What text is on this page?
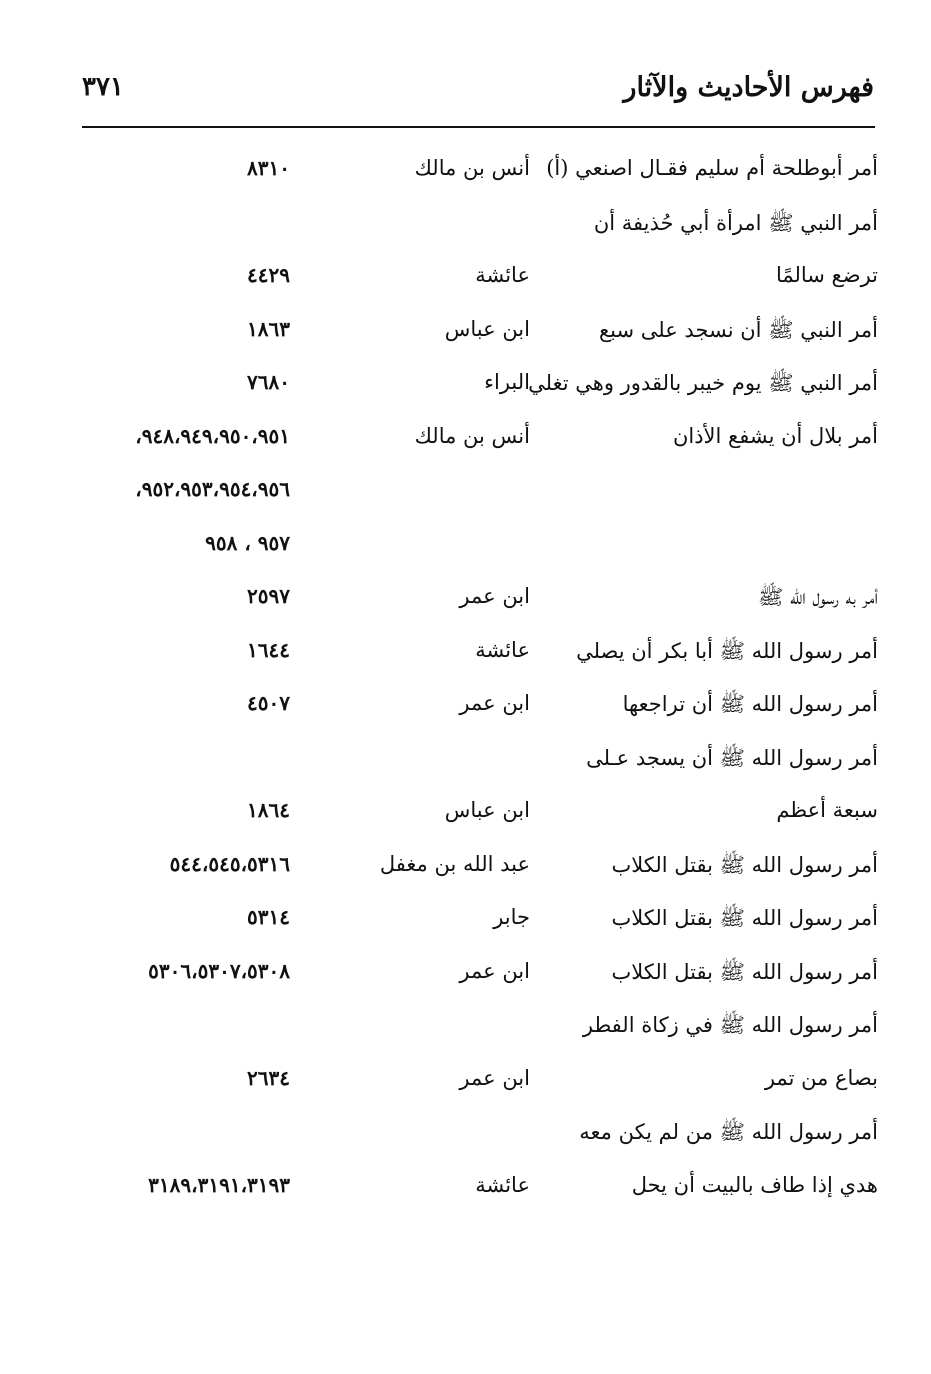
فهرس الأحاديث والآثار
٣٧١
أمر أبوطلحة أم سليم فقـال اصنعي (أ)
أنس بن مالك
٨٣١٠
أمر النبي ﷺ امرأة أبي حُذيفة أن
ترضع سالمًا
عائشة
٤٤٢٩
أمر النبي ﷺ أن نسجد على سبع
ابن عباس
١٨٦٣
أمر النبي ﷺ يوم خيبر بالقدور وهي تغلي
البراء
٧٦٨٠
أمر بلال أن يشفع الأذان
أنس بن مالك
٩٤٨،٩٤٩،٩٥٠،٩٥١،
٩٥٢،٩٥٣،٩٥٤،٩٥٦،
٩٥٧ ، ٩٥٨
أمر به رسول الله ﷺ
ابن عمر
٢٥٩٧
أمر رسول الله ﷺ أبا بكر أن يصلي
عائشة
١٦٤٤
أمر رسول الله ﷺ أن تراجعها
ابن عمر
٤٥٠٧
أمر رسول الله ﷺ أن يسجد عـلى
سبعة أعظم
ابن عباس
١٨٦٤
أمر رسول الله ﷺ بقتل الكلاب
عبد الله بن مغفل
٥٤٤،٥٤٥،٥٣١٦
أمر رسول الله ﷺ بقتل الكلاب
جابر
٥٣١٤
أمر رسول الله ﷺ بقتل الكلاب
ابن عمر
٥٣٠٦،٥٣٠٧،٥٣٠٨
أمر رسول الله ﷺ في زكاة الفطر
بصاع من تمر
ابن عمر
٢٦٣٤
أمر رسول الله ﷺ من لم يكن معه
هدي إذا طاف بالبيت أن يحل
عائشة
٣١٨٩،٣١٩١،٣١٩٣
